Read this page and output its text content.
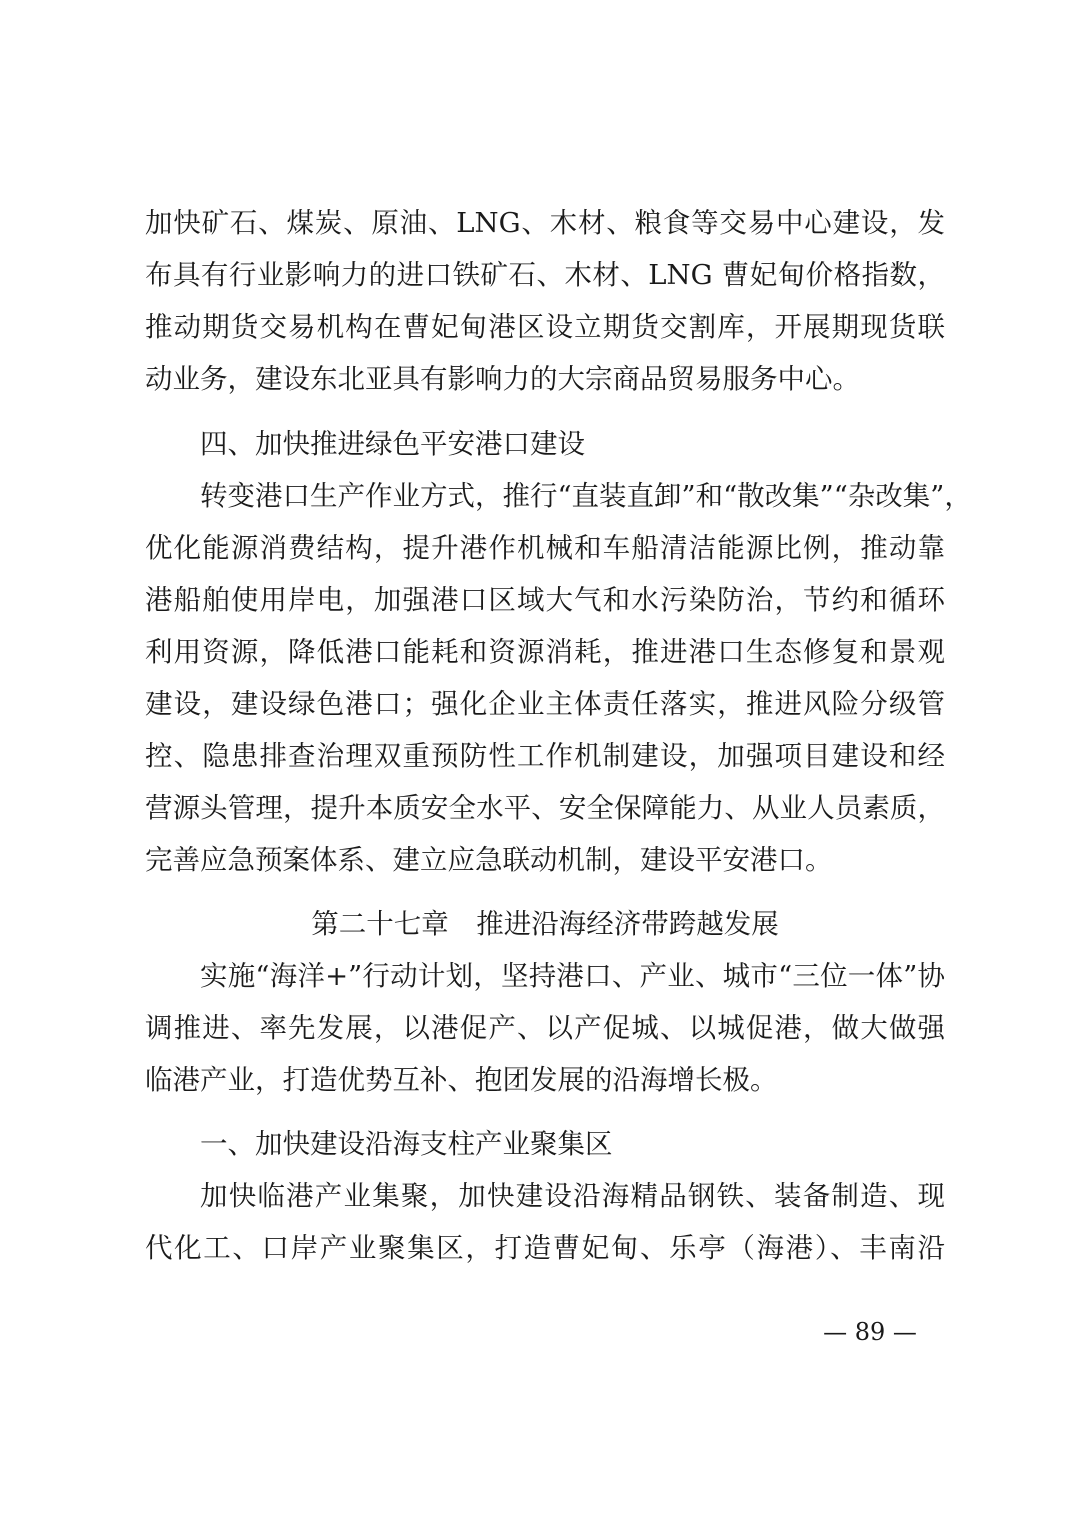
加快矿石、煤炭、原油、LNG、木材、粮食等交易中心建设，发
布具有行业影响力的进口铁矿石、木材、LNG 曹妃甸价格指数，
推动期货交易机构在曹妃甸港区设立期货交割库，开展期现货联
动业务，建设东北亚具有影响力的大宗商品贸易服务中心。
四、加快推进绿色平安港口建设
转变港口生产作业方式，推行“直装直卸”和“散改集”“杂改集”，
优化能源消费结构，提升港作机械和车船清洁能源比例，推动靠
港船舶使用岸电，加强港口区域大气和水污染防治，节约和循环
利用资源，降低港口能耗和资源消耗，推进港口生态修复和景观
建设，建设绿色港口；强化企业主体责任落实，推进风险分级管
控、隐患排查治理双重预防性工作机制建设，加强项目建设和经
营源头管理，提升本质安全水平、安全保障能力、从业人员素质，
完善应急预案体系、建立应急联动机制，建设平安港口。
第二十七章　推进沿海经济带跨越发展
实施“海洋+”行动计划，坚持港口、产业、城市“三位一体”协
调推进、率先发展，以港促产、以产促城、以城促港，做大做强
临港产业，打造优势互补、抱团发展的沿海增长极。
一、加快建设沿海支柱产业聚集区
加快临港产业集聚，加快建设沿海精品钢铁、装备制造、现
代化工、口岸产业聚集区，打造曹妃甸、乐亭（海港）、丰南沿
— 89 —
